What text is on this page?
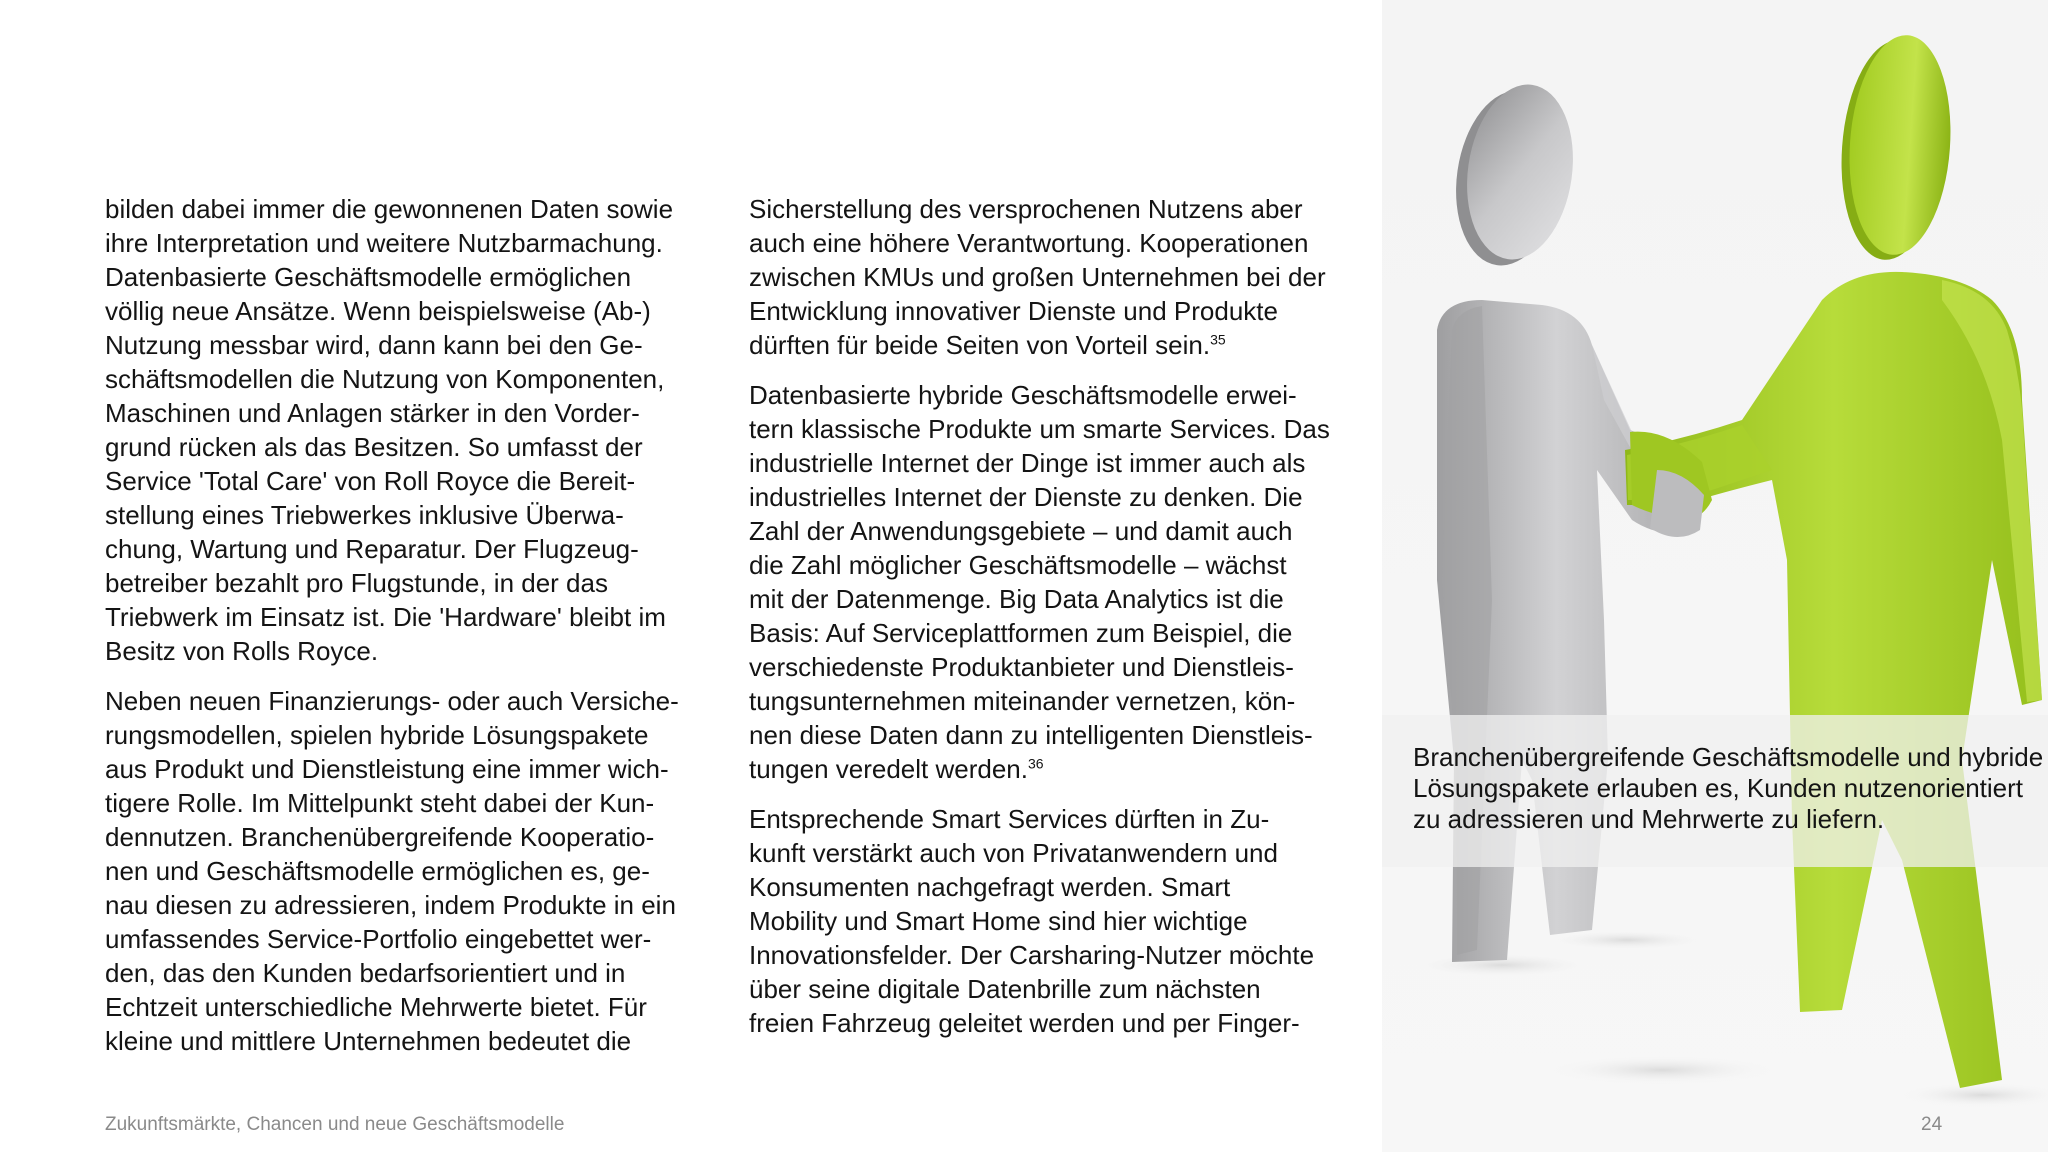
bilden dabei immer die gewonnenen Daten sowie
ihre Interpretation und weitere Nutzbarmachung.
Datenbasierte Geschäftsmodelle ermöglichen
völlig neue Ansätze. Wenn beispielsweise (Ab-)
Nutzung messbar wird, dann kann bei den Ge-
schäftsmodellen die Nutzung von Komponenten,
Maschinen und Anlagen stärker in den Vorder-
grund rücken als das Besitzen. So umfasst der
Service 'Total Care' von Roll Royce die Bereit-
stellung eines Triebwerkes inklusive Überwa-
chung, Wartung und Reparatur. Der Flugzeug-
betreiber bezahlt pro Flugstunde, in der das
Triebwerk im Einsatz ist. Die 'Hardware' bleibt im
Besitz von Rolls Royce.

Neben neuen Finanzierungs- oder auch Versiche-
rungsmodellen, spielen hybride Lösungspakete
aus Produkt und Dienstleistung eine immer wich-
tigere Rolle. Im Mittelpunkt steht dabei der Kun-
dennutzen. Branchenübergreifende Kooperatio-
nen und Geschäftsmodelle ermöglichen es, ge-
nau diesen zu adressieren, indem Produkte in ein
umfassendes Service-Portfolio eingebettet wer-
den, das den Kunden bedarfsorientiert und in
Echtzeit unterschiedliche Mehrwerte bietet. Für
kleine und mittlere Unternehmen bedeutet die

Sicherstellung des versprochenen Nutzens aber
auch eine höhere Verantwortung. Kooperationen
zwischen KMUs und großen Unternehmen bei der
Entwicklung innovativer Dienste und Produkte
dürften für beide Seiten von Vorteil sein.$^{35}$

Datenbasierte hybride Geschäftsmodelle erwei-
tern klassische Produkte um smarte Services. Das
industrielle Internet der Dinge ist immer auch als
industrielles Internet der Dienste zu denken. Die
Zahl der Anwendungsgebiete – und damit auch
die Zahl möglicher Geschäftsmodelle – wächst
mit der Datenmenge. Big Data Analytics ist die
Basis: Auf Serviceplattformen zum Beispiel, die
verschiedenste Produktanbieter und Dienstleis-
tungsunternehmen miteinander vernetzen, kön-
nen diese Daten dann zu intelligenten Dienstleis-
tungen veredelt werden.$^{36}$

Entsprechende Smart Services dürften in Zu-
kunft verstärkt auch von Privatanwendern und
Konsumenten nachgefragt werden. Smart
Mobility und Smart Home sind hier wichtige
Innovationsfelder. Der Carsharing-Nutzer möchte
über seine digitale Datenbrille zum nächsten
freien Fahrzeug geleitet werden und per Finger-

Branchenübergreifende Geschäftsmodelle und hybride
Lösungspakete erlauben es, Kunden nutzenorientiert
zu adressieren und Mehrwerte zu liefern.
Zukunftsmärkte, Chancen und neue Geschäftsmodelle	24
